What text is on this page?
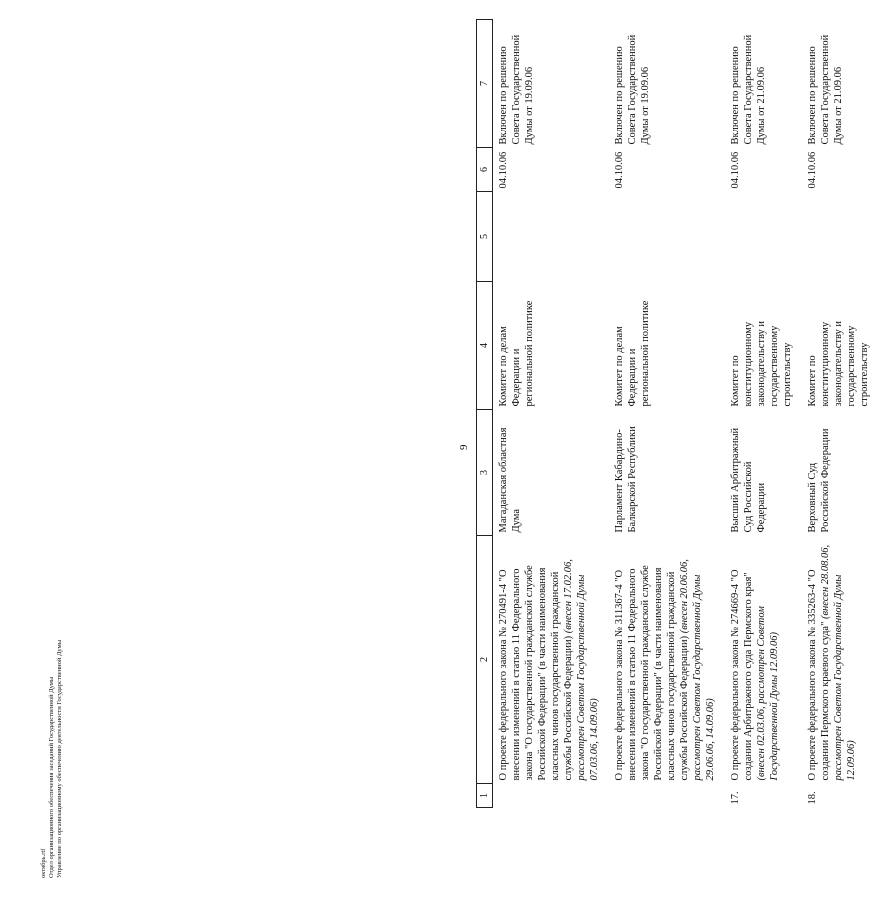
октябрь.rtf Отдел организационного обеспечения заседаний Государственной Думы Управление по организационному обеспечению деятельности Государственной Думы
9
1	2	3	4	5	6	7
	О проекте федерального закона № 270491-4 "О внесении изменений в статью 11 Федерального закона "О государственной гражданской службе Российской Федерации" (в части наименования классных чинов государственной гражданской службы Российской Федерации) (внесен 17.02.06, рассмотрен Советом Государственной Думы 07.03.06, 14.09.06)	Магаданская областная Дума	Комитет по делам Федерации и региональной политике		04.10.06	Включен по решению Совета Государственной Думы от 19.09.06
	О проекте федерального закона № 311367-4 "О внесении изменений в статью 11 Федерального закона "О государственной гражданской службе Российской Федерации" (в части наименования классных чинов государственной гражданской службы Российской Федерации) (внесен 20.06.06, рассмотрен Советом Государственной Думы 29.06.06, 14.09.06)	Парламент Кабардино-Балкарской Республики	Комитет по делам Федерации и региональной политике		04.10.06	Включен по решению Совета Государственной Думы от 19.09.06
17.	О проекте федерального закона № 274669-4 "О создании Арбитражного суда Пермского края" (внесен 02.03.06, рассмотрен Советом Государственной Думы 12.09.06)	Высший Арбитражный Суд Российской Федерации	Комитет по конституционному законодательству и государственному строительству		04.10.06	Включен по решению Совета Государственной Думы от 21.09.06
18.	О проекте федерального закона № 335263-4 "О создании Пермского краевого суда" (внесен 28.08.06, рассмотрен Советом Государственной Думы 12.09.06)	Верховный Суд Российской Федерации	Комитет по конституционному законодательству и государственному строительству		04.10.06	Включен по решению Совета Государственной Думы от 21.09.06
